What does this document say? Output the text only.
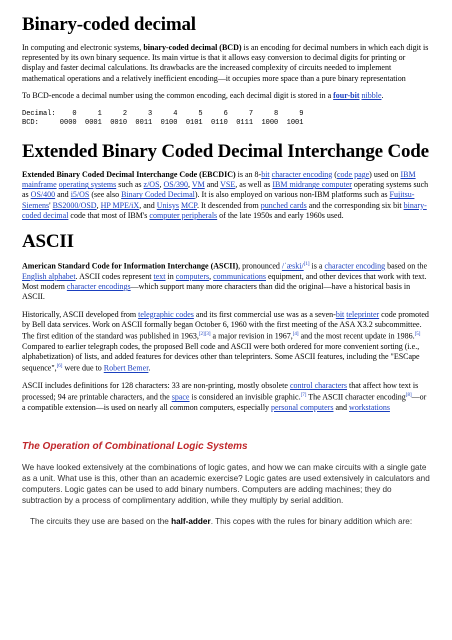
Binary-coded decimal

In computing and electronic systems, binary-coded decimal (BCD) is an encoding for decimal numbers in which each digit is represented by its own binary sequence. Its main virtue is that it allows easy conversion to decimal digits for printing or display and faster decimal calculations. Its drawbacks are the increased complexity of circuits needed to implement mathematical operations and a relatively inefficient encoding—it occupies more space than a pure binary representation

To BCD-encode a decimal number using the common encoding, each decimal digit is stored in a four-bit nibble.

Decimal:    0     1     2     3     4     5     6     7     8     9
BCD:     0000  0001  0010  0011  0100  0101  0110  0111  1000  1001
Extended Binary Coded Decimal Interchange Code

Extended Binary Coded Decimal Interchange Code (EBCDIC) is an 8-bit character encoding (code page) used on IBM mainframe operating systems such as z/OS, OS/390, VM and VSE, as well as IBM midrange computer operating systems such as OS/400 and i5/OS (see also Binary Coded Decimal). It is also employed on various non-IBM platforms such as Fujitsu-Siemens' BS2000/OSD, HP MPE/iX, and Unisys MCP. It descended from punched cards and the corresponding six bit binary-coded decimal code that most of IBM's computer peripherals of the late 1950s and early 1960s used.

ASCII

American Standard Code for Information Interchange (ASCII), pronounced /ˈæski/[1] is a character encoding based on the English alphabet. ASCII codes represent text in computers, communications equipment, and other devices that work with text. Most modern character encodings—which support many more characters than did the original—have a historical basis in ASCII.

Historically, ASCII developed from telegraphic codes and its first commercial use was as a seven-bit teleprinter code promoted by Bell data services. Work on ASCII formally began October 6, 1960 with the first meeting of the ASA X3.2 subcommittee. The first edition of the standard was published in 1963,[2][3] a major revision in 1967,[4] and the most recent update in 1986.[5] Compared to earlier telegraph codes, the proposed Bell code and ASCII were both ordered for more convenient sorting (i.e., alphabetization) of lists, and added features for devices other than teleprinters. Some ASCII features, including the "ESCape sequence",[6] were due to Robert Bemer.

ASCII includes definitions for 128 characters: 33 are non-printing, mostly obsolete control characters that affect how text is processed; 94 are printable characters, and the space is considered an invisible graphic.[7] The ASCII character encoding[8]—or a compatible extension—is used on nearly all common computers, especially personal computers and workstations

The Operation of Combinational Logic Systems

We have looked extensively at the combinations of logic gates, and how we can make circuits with a single gate as a unit. What use is this, other than an academic exercise? Logic gates are used extensively in calculators and computers. Logic gates can be used to add binary numbers. Computers are adding machines; they do subtraction by a process of complimentary addition, while they multiply by serial addition.

The circuits they use are based on the half-adder. This copes with the rules for binary addition which are:
